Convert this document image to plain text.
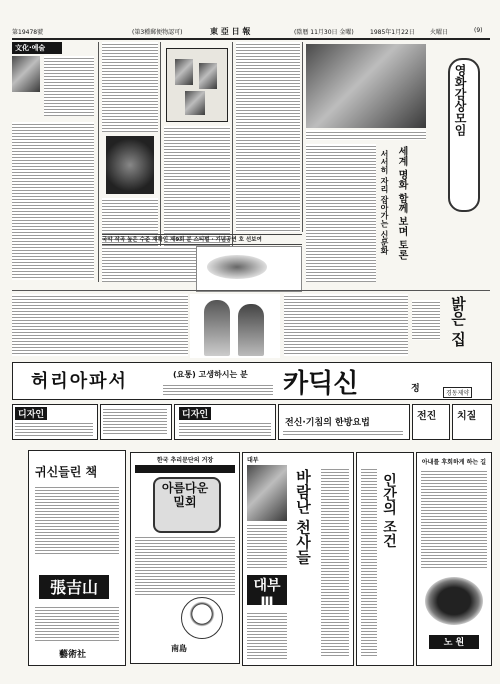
第19478號	(第3種郵便物認可)	東 亞 日 報	(陰曆 11月30日 金曜)	1985年1月22日	火曜日	(9)
文化·예술
영화감상모임
세계 명화 함께 보며 토론
서서히 자리 잡아가는 신문화
국악 작곡 높은 수준 재확인 제9회 분 스티벌 · 기념공연 호 선보여
밝은 집
허리아파서	(요통) 고생하시는 분 카딕신	정	경동제약
디자인	디자인
전신·기침의 한방요법
전진 치질
귀신들린 책
張吉山
藝術社
한국 추리문단의 거장
아름다운 밀회
南島
대부
대부Ⅲ
바람난 천사들	인간의 조건
아내를 후회하게 하는 길
노 원
